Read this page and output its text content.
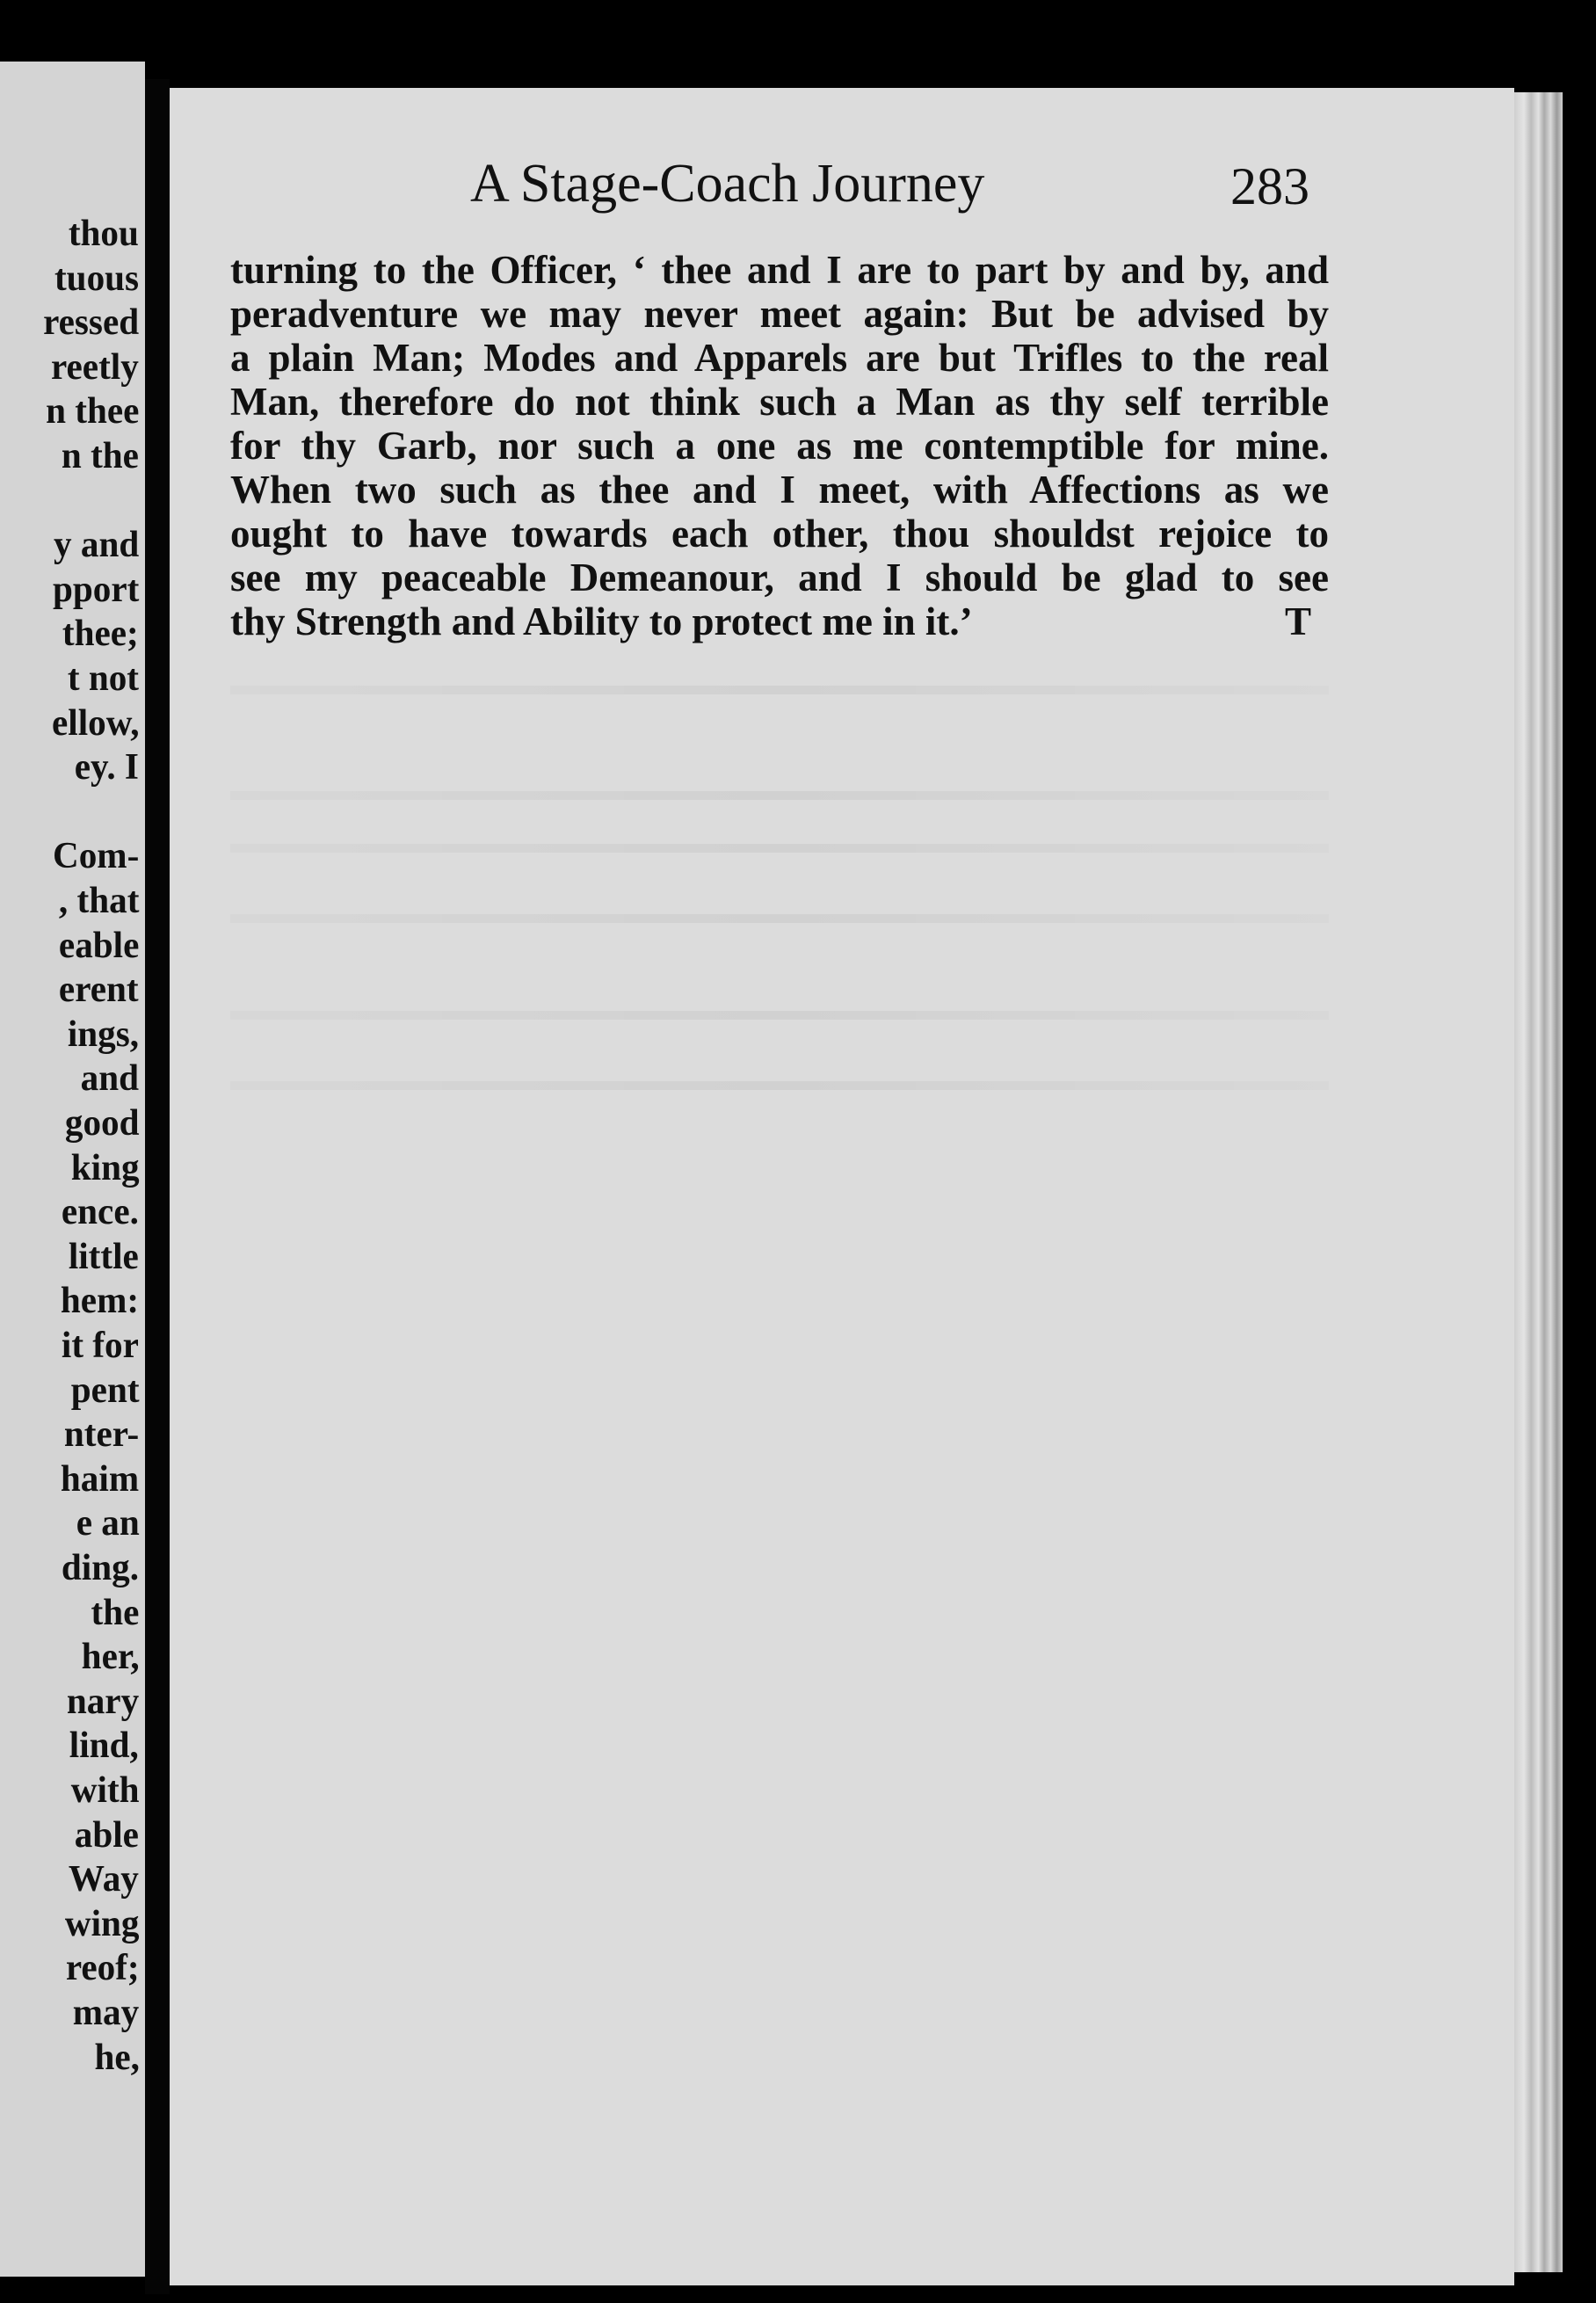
thou
tuous
ressed
reetly
n thee
n the
y and
pport
thee;
t not
ellow,
ey. I
Com-
, that
eable
erent
ings,
and
good
king
ence.
little
hem:
it for
pent
nter-
haim
e an
ding.
the
her,
nary
lind,
with
able
Way
wing
reof;
may
he,
A Stage-Coach Journey	283
turning to the Officer, ‘ thee and I are to part by and by, and
peradventure we may never meet again: But be advised by
a plain Man; Modes and Apparels are but Trifles to the real
Man, therefore do not think such a Man as thy self terrible
for thy Garb, nor such a one as me contemptible for mine.
When two such as thee and I meet, with Affections as we
ought to have towards each other, thou shouldst rejoice to
see my peaceable Demeanour, and I should be glad to see
thy Strength and Ability to protect me in it.’	T
